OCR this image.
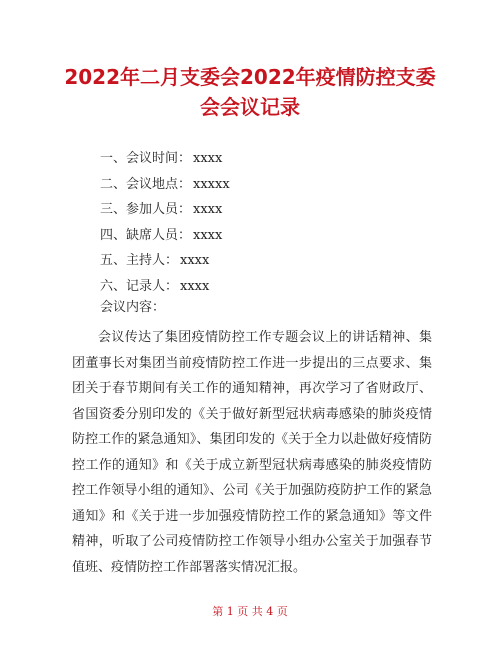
2022年二月支委会2022年疫情防控支委会会议记录
一、会议时间： xxxx
二、会议地点： xxxxx
三、参加人员： xxxx
四、缺席人员： xxxx
五、主持人： xxxx
六、记录人： xxxx
会议内容：

会议传达了集团疫情防控工作专题会议上的讲话精神、集团董事长对集团当前疫情防控工作进一步提出的三点要求、集团关于春节期间有关工作的通知精神，再次学习了省财政厅、省国资委分别印发的《关于做好新型冠状病毒感染的肺炎疫情防控工作的紧急通知》、集团印发的《关于全力以赴做好疫情防控工作的通知》和《关于成立新型冠状病毒感染的肺炎疫情防控工作领导小组的通知》、公司《关于加强防疫防护工作的紧急通知》和《关于进一步加强疫情防控工作的紧急通知》等文件精神，听取了公司疫情防控工作领导小组办公室关于加强春节值班、疫情防控工作部署落实情况汇报。

第 1 页 共 4 页
